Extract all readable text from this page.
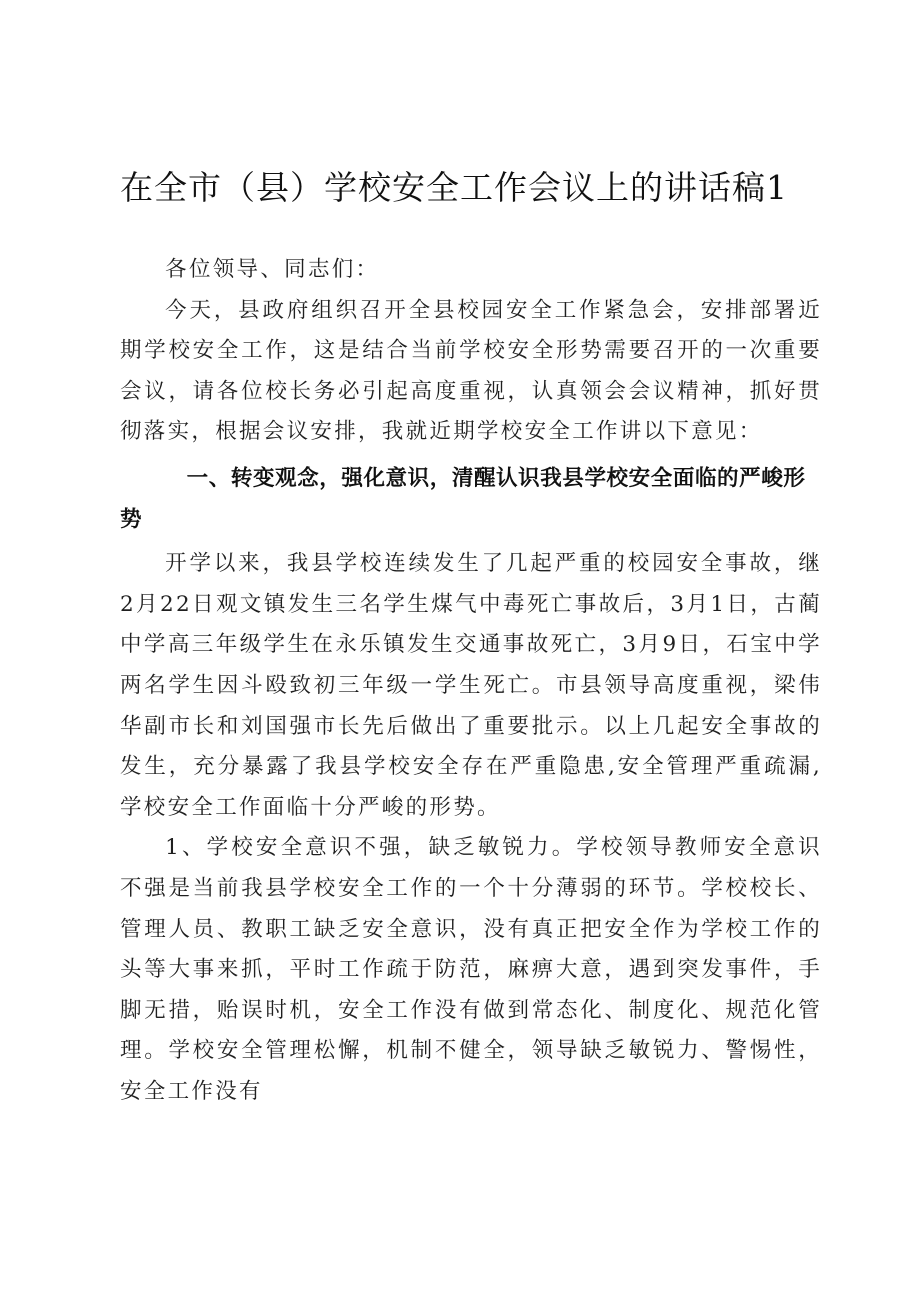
在全市（县）学校安全工作会议上的讲话稿1

各位领导、同志们：

今天，县政府组织召开全县校园安全工作紧急会，安排部署近期学校安全工作，这是结合当前学校安全形势需要召开的一次重要会议，请各位校长务必引起高度重视，认真领会会议精神，抓好贯彻落实，根据会议安排，我就近期学校安全工作讲以下意见：

一、转变观念，强化意识，清醒认识我县学校安全面临的严峻形势

开学以来，我县学校连续发生了几起严重的校园安全事故，继2月22日观文镇发生三名学生煤气中毒死亡事故后，3月1日，古蔺中学高三年级学生在永乐镇发生交通事故死亡，3月9日，石宝中学两名学生因斗殴致初三年级一学生死亡。市县领导高度重视，梁伟华副市长和刘国强市长先后做出了重要批示。以上几起安全事故的发生，充分暴露了我县学校安全存在严重隐患,安全管理严重疏漏,学校安全工作面临十分严峻的形势。

1、学校安全意识不强，缺乏敏锐力。学校领导教师安全意识不强是当前我县学校安全工作的一个十分薄弱的环节。学校校长、管理人员、教职工缺乏安全意识，没有真正把安全作为学校工作的头等大事来抓，平时工作疏于防范，麻痹大意，遇到突发事件，手脚无措，贻误时机，安全工作没有做到常态化、制度化、规范化管理。学校安全管理松懈，机制不健全，领导缺乏敏锐力、警惕性，安全工作没有
